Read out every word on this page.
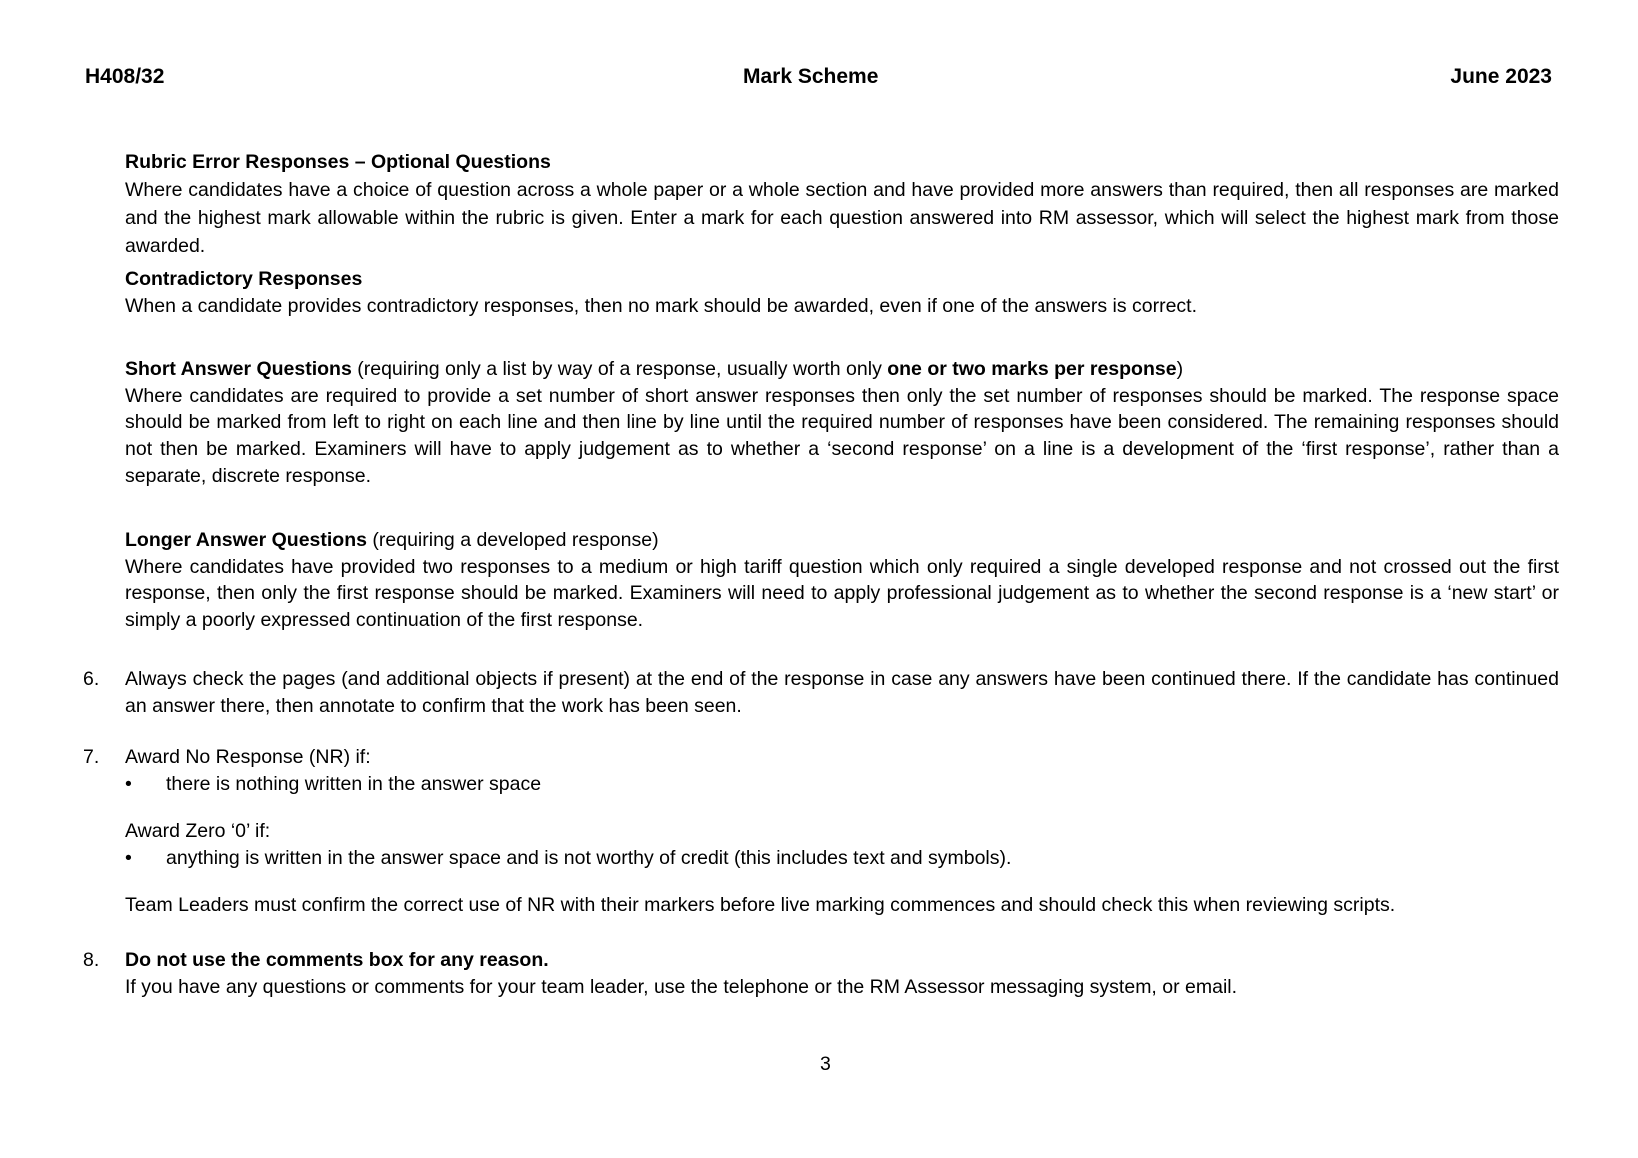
H408/32	Mark Scheme	June 2023

Rubric Error Responses – Optional Questions

Where candidates have a choice of question across a whole paper or a whole section and have provided more answers than required, then all responses are marked and the highest mark allowable within the rubric is given. Enter a mark for each question answered into RM assessor, which will select the highest mark from those awarded.

Contradictory Responses

When a candidate provides contradictory responses, then no mark should be awarded, even if one of the answers is correct.

Short Answer Questions (requiring only a list by way of a response, usually worth only one or two marks per response)

Where candidates are required to provide a set number of short answer responses then only the set number of responses should be marked. The response space should be marked from left to right on each line and then line by line until the required number of responses have been considered. The remaining responses should not then be marked. Examiners will have to apply judgement as to whether a ‘second response’ on a line is a development of the ‘first response’, rather than a separate, discrete response.

Longer Answer Questions (requiring a developed response)

Where candidates have provided two responses to a medium or high tariff question which only required a single developed response and not crossed out the first response, then only the first response should be marked. Examiners will need to apply professional judgement as to whether the second response is a ‘new start’ or simply a poorly expressed continuation of the first response.

6. Always check the pages (and additional objects if present) at the end of the response in case any answers have been continued there. If the candidate has continued an answer there, then annotate to confirm that the work has been seen.

7. Award No Response (NR) if:
• there is nothing written in the answer space
Award Zero ‘0’ if:
• anything is written in the answer space and is not worthy of credit (this includes text and symbols).
Team Leaders must confirm the correct use of NR with their markers before live marking commences and should check this when reviewing scripts.
8. Do not use the comments box for any reason.
If you have any questions or comments for your team leader, use the telephone or the RM Assessor messaging system, or email.
3
